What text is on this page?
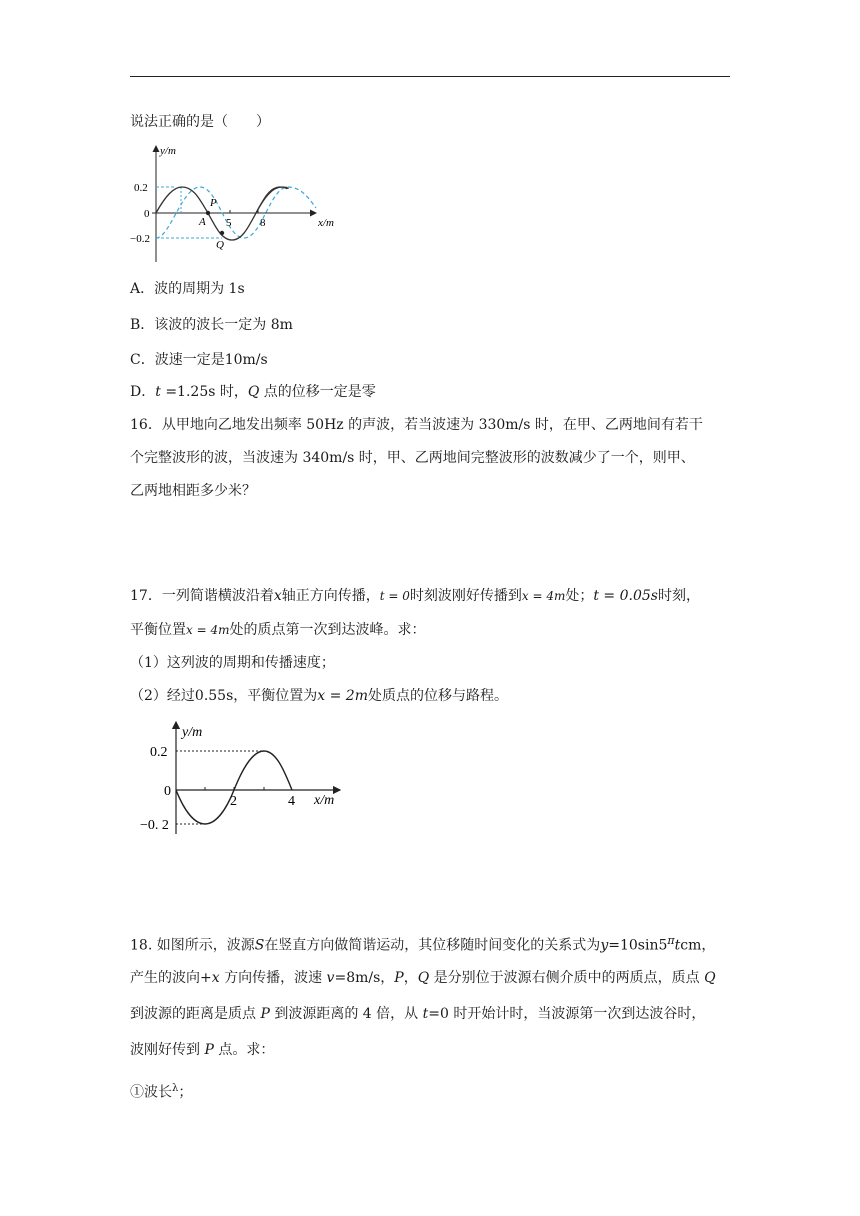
说法正确的是（　　）
y/m
x/m
0.2
0
−0.2
P
A
Q
5	8
A．波的周期为 1s
B．该波的波长一定为 8m
C．波速一定是10m/s
D．t =1.25s 时，Q 点的位移一定是零
16．从甲地向乙地发出频率 50Hz 的声波，若当波速为 330m/s 时，在甲、乙两地间有若干
个完整波形的波，当波速为 340m/s 时，甲、乙两地间完整波形的波数减少了一个，则甲、
乙两地相距多少米？
17．一列简谐横波沿着x轴正方向传播，t = 0时刻波刚好传播到x = 4m处；t = 0.05s时刻，
平衡位置x = 4m处的质点第一次到达波峰。求：
（1）这列波的周期和传播速度；
（2）经过0.55s，平衡位置为x = 2m处质点的位移与路程。
y/m
x/m
0.2
0
−0. 2
2	4
18. 如图所示，波源S在竖直方向做简谐运动，其位移随时间变化的关系式为$y=10\sin 5^\pi tcm$，
产生的波向+x 方向传播，波速 v=8m/s，P，Q 是分别位于波源右侧介质中的两质点，质点 Q
到波源的距离是质点 P 到波源距离的 4 倍，从 t=0 时开始计时，当波源第一次到达波谷时，
波刚好传到 P 点。求：
①波长$^\lambda$；
